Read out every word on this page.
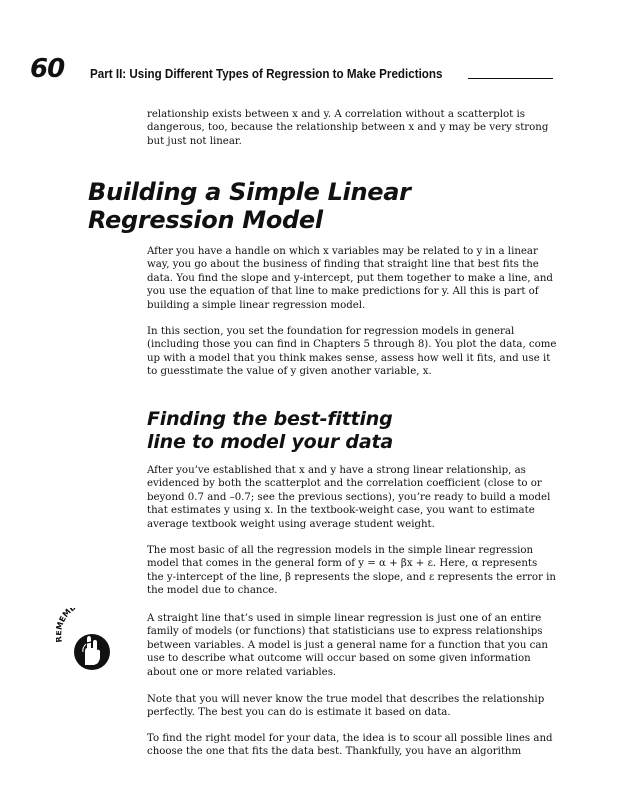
60 Part II: Using Different Types of Regression to Make Predictions

relationship exists between x and y. A correlation without a scatterplot is dangerous, too, because the relationship between x and y may be very strong but just not linear.

Building a Simple Linear
Regression Model

After you have a handle on which x variables may be related to y in a linear way, you go about the business of finding that straight line that best fits the data. You find the slope and y-intercept, put them together to make a line, and you use the equation of that line to make predictions for y. All this is part of building a simple linear regression model.

In this section, you set the foundation for regression models in general (including those you can find in Chapters 5 through 8). You plot the data, come up with a model that you think makes sense, assess how well it fits, and use it to guesstimate the value of y given another variable, x.

Finding the best-fitting
line to model your data

After you’ve established that x and y have a strong linear relationship, as evidenced by both the scatterplot and the correlation coefficient (close to or beyond 0.7 and –0.7; see the previous sections), you’re ready to build a model that estimates y using x. In the textbook-weight case, you want to estimate average textbook weight using average student weight.

The most basic of all the regression models in the simple linear regression model that comes in the general form of y = α + βx + ε. Here, α represents the y-intercept of the line, β represents the slope, and ε represents the error in the model due to chance.

EM	A straight line that’s used in simple linear regression is just one of an entire family of models (or functions) that statisticians use to express relationships between variables. A model is just a general name for a function that you can use to describe what outcome will occur based on some given information about one or more related variables.

Note that you will never know the true model that describes the relationship perfectly. The best you can do is estimate it based on data.

To find the right model for your data, the idea is to scour all possible lines and choose the one that fits the data best. Thankfully, you have an algorithm
